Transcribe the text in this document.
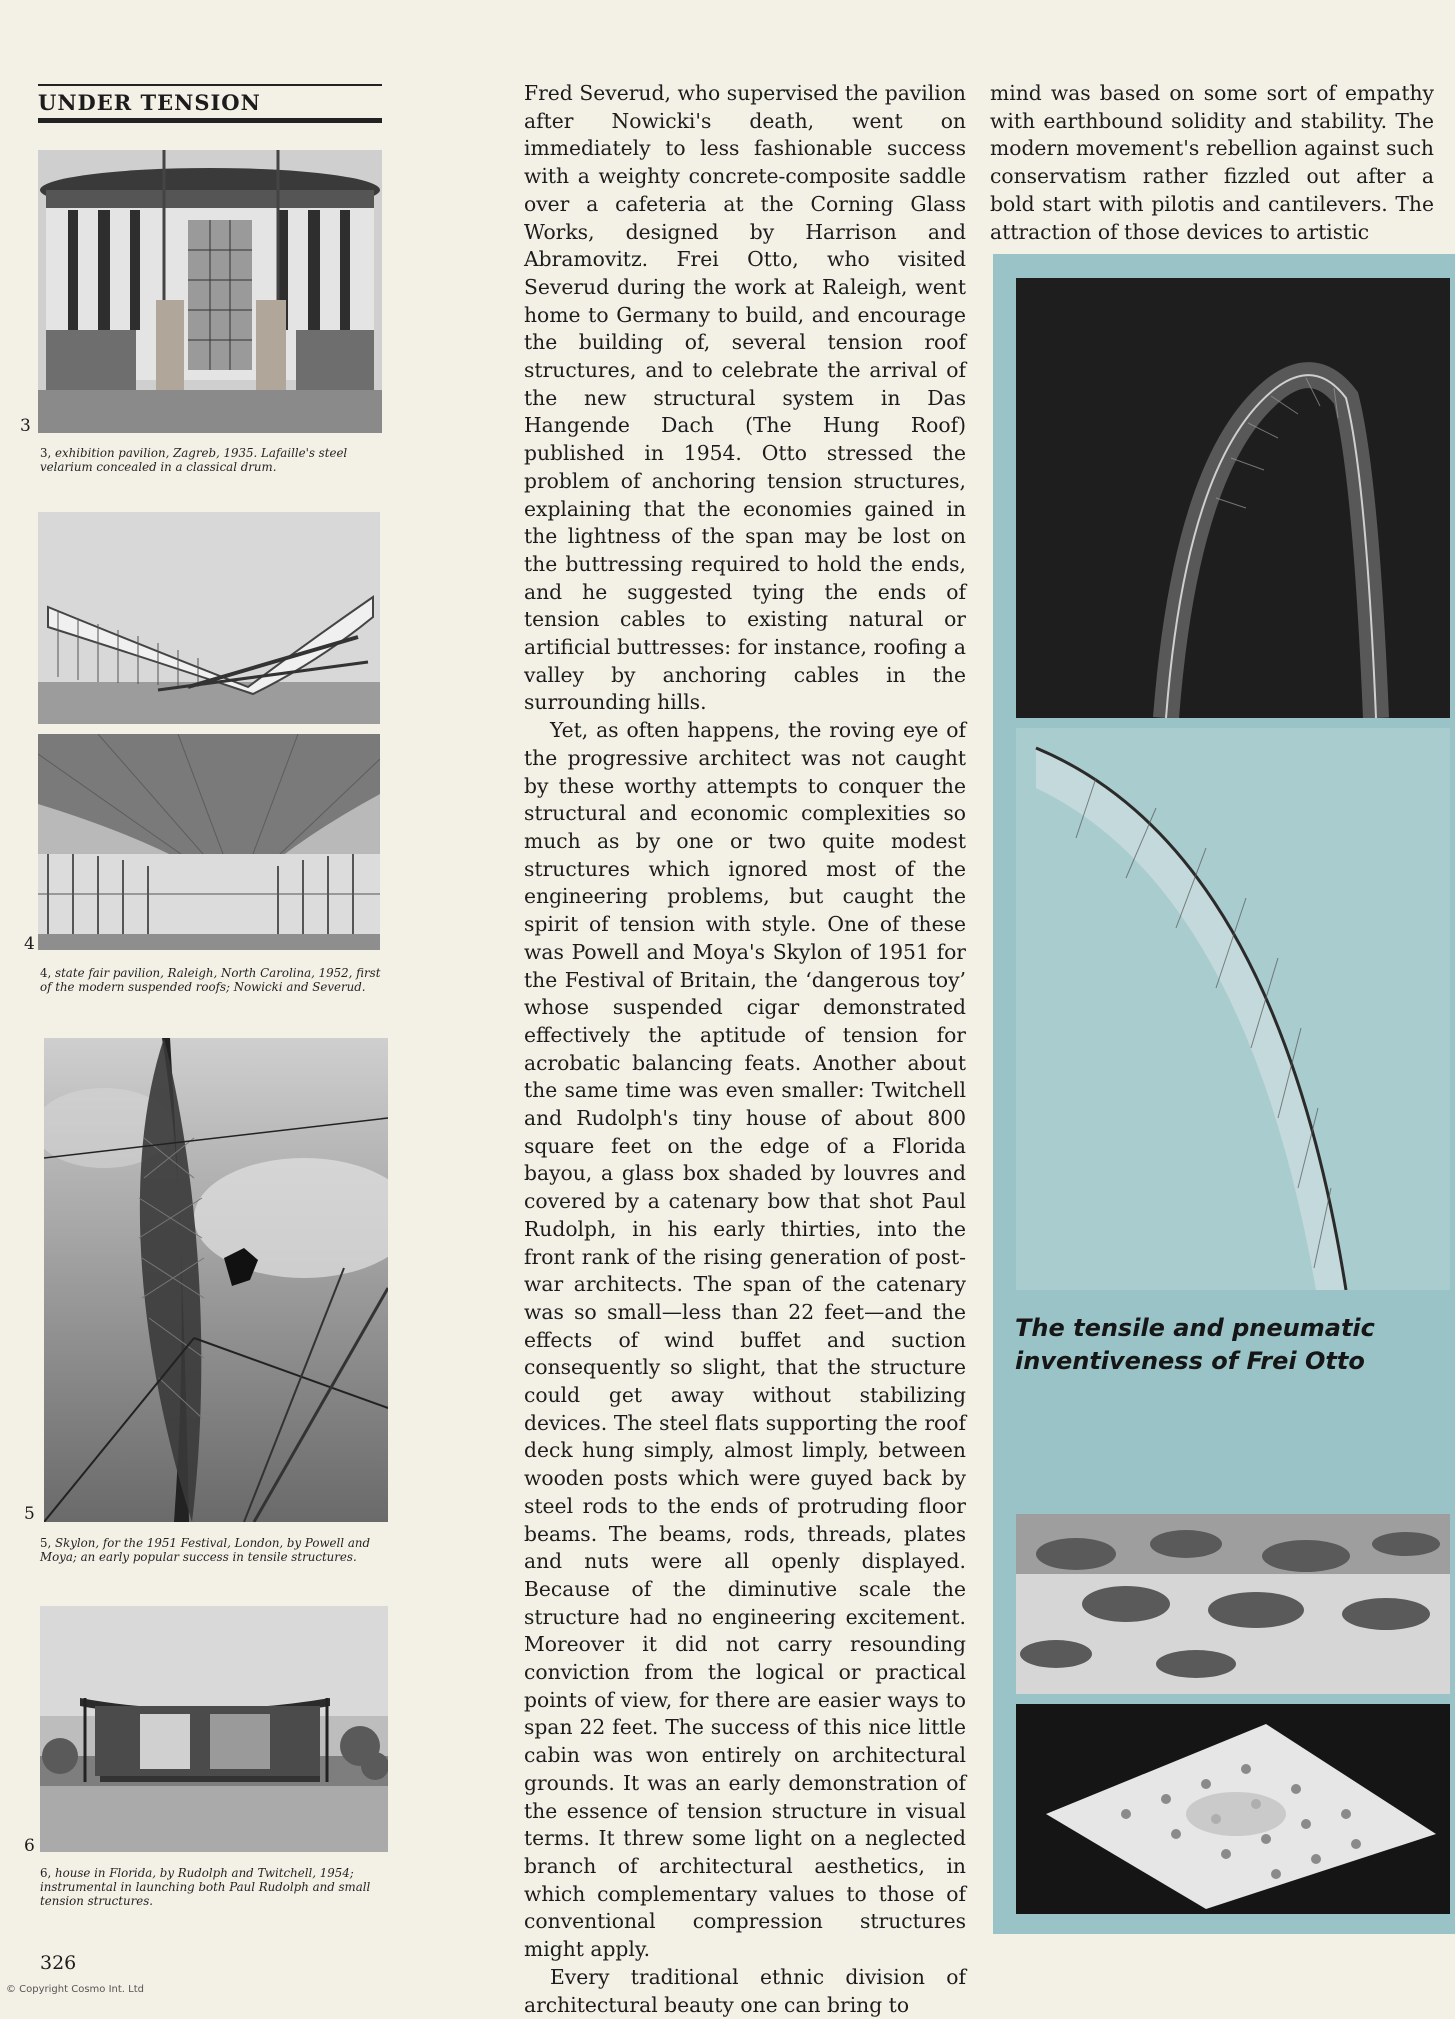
UNDER TENSION
3
3, exhibition pavilion, Zagreb, 1935. Lafaille's steel velarium concealed in a classical drum.
4
4, state fair pavilion, Raleigh, North Carolina, 1952, first of the modern suspended roofs; Nowicki and Severud.
5
5, Skylon, for the 1951 Festival, London, by Powell and Moya; an early popular success in tensile structures.
6
6, house in Florida, by Rudolph and Twitchell, 1954; instrumental in launching both Paul Rudolph and small tension structures.

Fred Severud, who supervised the pavilion after Nowicki's death, went on immediately to less fashionable success with a weighty concrete-composite saddle over a cafeteria at the Corning Glass Works, designed by Harrison and Abramovitz. Frei Otto, who visited Severud during the work at Raleigh, went home to Germany to build, and encourage the building of, several tension roof structures, and to celebrate the arrival of the new structural system in Das Hangende Dach (The Hung Roof) published in 1954. Otto stressed the problem of anchoring tension structures, explaining that the economies gained in the lightness of the span may be lost on the buttressing required to hold the ends, and he suggested tying the ends of tension cables to existing natural or artificial buttresses: for instance, roofing a valley by anchoring cables in the surrounding hills.

Yet, as often happens, the roving eye of the progressive architect was not caught by these worthy attempts to conquer the structural and economic complexities so much as by one or two quite modest structures which ignored most of the engineering problems, but caught the spirit of tension with style. One of these was Powell and Moya's Skylon of 1951 for the Festival of Britain, the ‘dangerous toy’ whose suspended cigar demonstrated effectively the aptitude of tension for acrobatic balancing feats. Another about the same time was even smaller: Twitchell and Rudolph's tiny house of about 800 square feet on the edge of a Florida bayou, a glass box shaded by louvres and covered by a catenary bow that shot Paul Rudolph, in his early thirties, into the front rank of the rising generation of post-war architects. The span of the catenary was so small—less than 22 feet—and the effects of wind buffet and suction consequently so slight, that the structure could get away without stabilizing devices. The steel flats supporting the roof deck hung simply, almost limply, between wooden posts which were guyed back by steel rods to the ends of protruding floor beams. The beams, rods, threads, plates and nuts were all openly displayed. Because of the diminutive scale the structure had no engineering excitement. Moreover it did not carry resounding conviction from the logical or practical points of view, for there are easier ways to span 22 feet. The success of this nice little cabin was won entirely on architectural grounds. It was an early demonstration of the essence of tension structure in visual terms. It threw some light on a neglected branch of architectural aesthetics, in which complementary values to those of conventional compression structures might apply.

Every traditional ethnic division of architectural beauty one can bring to

mind was based on some sort of empathy with earthbound solidity and stability. The modern movement's rebellion against such conservatism rather fizzled out after a bold start with pilotis and cantilevers. The attraction of those devices to artistic

The tensile and pneumatic inventiveness of Frei Otto
326
© Copyright Cosmo Int. Ltd
